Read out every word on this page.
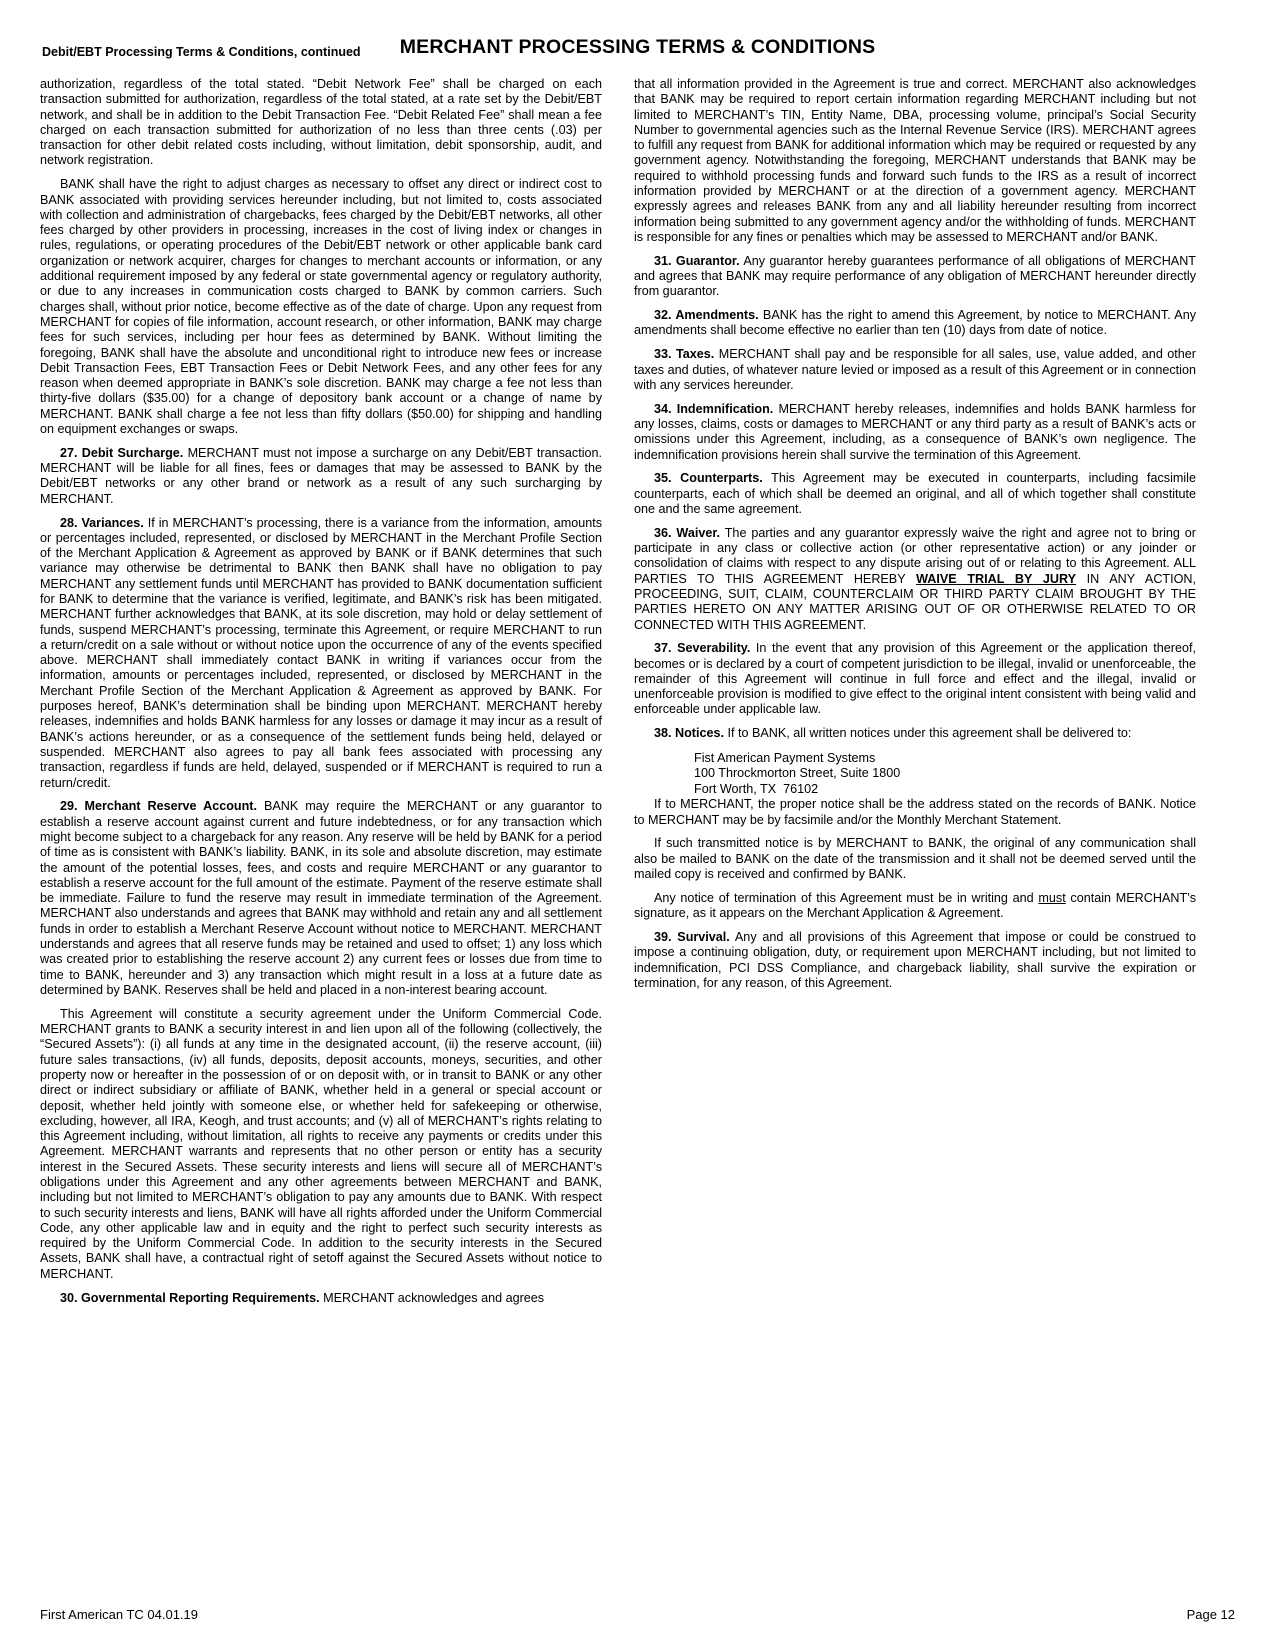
MERCHANT PROCESSING TERMS & CONDITIONS
Debit/EBT Processing Terms & Conditions, continued

authorization, regardless of the total stated. “Debit Network Fee” shall be charged on each transaction submitted for authorization, regardless of the total stated, at a rate set by the Debit/EBT network, and shall be in addition to the Debit Transaction Fee. “Debit Related Fee” shall mean a fee charged on each transaction submitted for authorization of no less than three cents (.03) per transaction for other debit related costs including, without limitation, debit sponsorship, audit, and network registration.

BANK shall have the right to adjust charges as necessary to offset any direct or indirect cost to BANK associated with providing services hereunder including, but not limited to, costs associated with collection and administration of chargebacks, fees charged by the Debit/EBT networks, all other fees charged by other providers in processing, increases in the cost of living index or changes in rules, regulations, or operating procedures of the Debit/EBT network or other applicable bank card organization or network acquirer, charges for changes to merchant accounts or information, or any additional requirement imposed by any federal or state governmental agency or regulatory authority, or due to any increases in communication costs charged to BANK by common carriers. Such charges shall, without prior notice, become effective as of the date of charge. Upon any request from MERCHANT for copies of file information, account research, or other information, BANK may charge fees for such services, including per hour fees as determined by BANK. Without limiting the foregoing, BANK shall have the absolute and unconditional right to introduce new fees or increase Debit Transaction Fees, EBT Transaction Fees or Debit Network Fees, and any other fees for any reason when deemed appropriate in BANK’s sole discretion. BANK may charge a fee not less than thirty-five dollars ($35.00) for a change of depository bank account or a change of name by MERCHANT. BANK shall charge a fee not less than fifty dollars ($50.00) for shipping and handling on equipment exchanges or swaps.

27. Debit Surcharge. MERCHANT must not impose a surcharge on any Debit/EBT transaction. MERCHANT will be liable for all fines, fees or damages that may be assessed to BANK by the Debit/EBT networks or any other brand or network as a result of any such surcharging by MERCHANT.

28. Variances. If in MERCHANT’s processing, there is a variance from the information, amounts or percentages included, represented, or disclosed by MERCHANT in the Merchant Profile Section of the Merchant Application & Agreement as approved by BANK or if BANK determines that such variance may otherwise be detrimental to BANK then BANK shall have no obligation to pay MERCHANT any settlement funds until MERCHANT has provided to BANK documentation sufficient for BANK to determine that the variance is verified, legitimate, and BANK’s risk has been mitigated. MERCHANT further acknowledges that BANK, at its sole discretion, may hold or delay settlement of funds, suspend MERCHANT’s processing, terminate this Agreement, or require MERCHANT to run a return/credit on a sale without or without notice upon the occurrence of any of the events specified above. MERCHANT shall immediately contact BANK in writing if variances occur from the information, amounts or percentages included, represented, or disclosed by MERCHANT in the Merchant Profile Section of the Merchant Application & Agreement as approved by BANK. For purposes hereof, BANK’s determination shall be binding upon MERCHANT. MERCHANT hereby releases, indemnifies and holds BANK harmless for any losses or damage it may incur as a result of BANK’s actions hereunder, or as a consequence of the settlement funds being held, delayed or suspended. MERCHANT also agrees to pay all bank fees associated with processing any transaction, regardless if funds are held, delayed, suspended or if MERCHANT is required to run a return/credit.

29. Merchant Reserve Account. BANK may require the MERCHANT or any guarantor to establish a reserve account against current and future indebtedness, or for any transaction which might become subject to a chargeback for any reason. Any reserve will be held by BANK for a period of time as is consistent with BANK’s liability. BANK, in its sole and absolute discretion, may estimate the amount of the potential losses, fees, and costs and require MERCHANT or any guarantor to establish a reserve account for the full amount of the estimate. Payment of the reserve estimate shall be immediate. Failure to fund the reserve may result in immediate termination of the Agreement. MERCHANT also understands and agrees that BANK may withhold and retain any and all settlement funds in order to establish a Merchant Reserve Account without notice to MERCHANT. MERCHANT understands and agrees that all reserve funds may be retained and used to offset; 1) any loss which was created prior to establishing the reserve account 2) any current fees or losses due from time to time to BANK, hereunder and 3) any transaction which might result in a loss at a future date as determined by BANK. Reserves shall be held and placed in a non-interest bearing account.

This Agreement will constitute a security agreement under the Uniform Commercial Code. MERCHANT grants to BANK a security interest in and lien upon all of the following (collectively, the “Secured Assets”): (i) all funds at any time in the designated account, (ii) the reserve account, (iii) future sales transactions, (iv) all funds, deposits, deposit accounts, moneys, securities, and other property now or hereafter in the possession of or on deposit with, or in transit to BANK or any other direct or indirect subsidiary or affiliate of BANK, whether held in a general or special account or deposit, whether held jointly with someone else, or whether held for safekeeping or otherwise, excluding, however, all IRA, Keogh, and trust accounts; and (v) all of MERCHANT’s rights relating to this Agreement including, without limitation, all rights to receive any payments or credits under this Agreement. MERCHANT warrants and represents that no other person or entity has a security interest in the Secured Assets. These security interests and liens will secure all of MERCHANT’s obligations under this Agreement and any other agreements between MERCHANT and BANK, including but not limited to MERCHANT’s obligation to pay any amounts due to BANK. With respect to such security interests and liens, BANK will have all rights afforded under the Uniform Commercial Code, any other applicable law and in equity and the right to perfect such security interests as required by the Uniform Commercial Code. In addition to the security interests in the Secured Assets, BANK shall have, a contractual right of setoff against the Secured Assets without notice to MERCHANT.

30. Governmental Reporting Requirements. MERCHANT acknowledges and agrees

that all information provided in the Agreement is true and correct. MERCHANT also acknowledges that BANK may be required to report certain information regarding MERCHANT including but not limited to MERCHANT’s TIN, Entity Name, DBA, processing volume, principal’s Social Security Number to governmental agencies such as the Internal Revenue Service (IRS). MERCHANT agrees to fulfill any request from BANK for additional information which may be required or requested by any government agency. Notwithstanding the foregoing, MERCHANT understands that BANK may be required to withhold processing funds and forward such funds to the IRS as a result of incorrect information provided by MERCHANT or at the direction of a government agency. MERCHANT expressly agrees and releases BANK from any and all liability hereunder resulting from incorrect information being submitted to any government agency and/or the withholding of funds. MERCHANT is responsible for any fines or penalties which may be assessed to MERCHANT and/or BANK.

31. Guarantor. Any guarantor hereby guarantees performance of all obligations of MERCHANT and agrees that BANK may require performance of any obligation of MERCHANT hereunder directly from guarantor.

32. Amendments. BANK has the right to amend this Agreement, by notice to MERCHANT. Any amendments shall become effective no earlier than ten (10) days from date of notice.

33. Taxes. MERCHANT shall pay and be responsible for all sales, use, value added, and other taxes and duties, of whatever nature levied or imposed as a result of this Agreement or in connection with any services hereunder.

34. Indemnification. MERCHANT hereby releases, indemnifies and holds BANK harmless for any losses, claims, costs or damages to MERCHANT or any third party as a result of BANK’s acts or omissions under this Agreement, including, as a consequence of BANK’s own negligence. The indemnification provisions herein shall survive the termination of this Agreement.

35. Counterparts. This Agreement may be executed in counterparts, including facsimile counterparts, each of which shall be deemed an original, and all of which together shall constitute one and the same agreement.

36. Waiver. The parties and any guarantor expressly waive the right and agree not to bring or participate in any class or collective action (or other representative action) or any joinder or consolidation of claims with respect to any dispute arising out of or relating to this Agreement. ALL PARTIES TO THIS AGREEMENT HEREBY WAIVE TRIAL BY JURY IN ANY ACTION, PROCEEDING, SUIT, CLAIM, COUNTERCLAIM OR THIRD PARTY CLAIM BROUGHT BY THE PARTIES HERETO ON ANY MATTER ARISING OUT OF OR OTHERWISE RELATED TO OR CONNECTED WITH THIS AGREEMENT.

37. Severability. In the event that any provision of this Agreement or the application thereof, becomes or is declared by a court of competent jurisdiction to be illegal, invalid or unenforceable, the remainder of this Agreement will continue in full force and effect and the illegal, invalid or unenforceable provision is modified to give effect to the original intent consistent with being valid and enforceable under applicable law.

38. Notices. If to BANK, all written notices under this agreement shall be delivered to:

Fist American Payment Systems
100 Throckmorton Street, Suite 1800
Fort Worth, TX  76102

If to MERCHANT, the proper notice shall be the address stated on the records of BANK. Notice to MERCHANT may be by facsimile and/or the Monthly Merchant Statement.

If such transmitted notice is by MERCHANT to BANK, the original of any communication shall also be mailed to BANK on the date of the transmission and it shall not be deemed served until the mailed copy is received and confirmed by BANK.

Any notice of termination of this Agreement must be in writing and must contain MERCHANT’s signature, as it appears on the Merchant Application & Agreement.

39. Survival. Any and all provisions of this Agreement that impose or could be construed to impose a continuing obligation, duty, or requirement upon MERCHANT including, but not limited to indemnification, PCI DSS Compliance, and chargeback liability, shall survive the expiration or termination, for any reason, of this Agreement.

First American TC 04.01.19	Page 12
